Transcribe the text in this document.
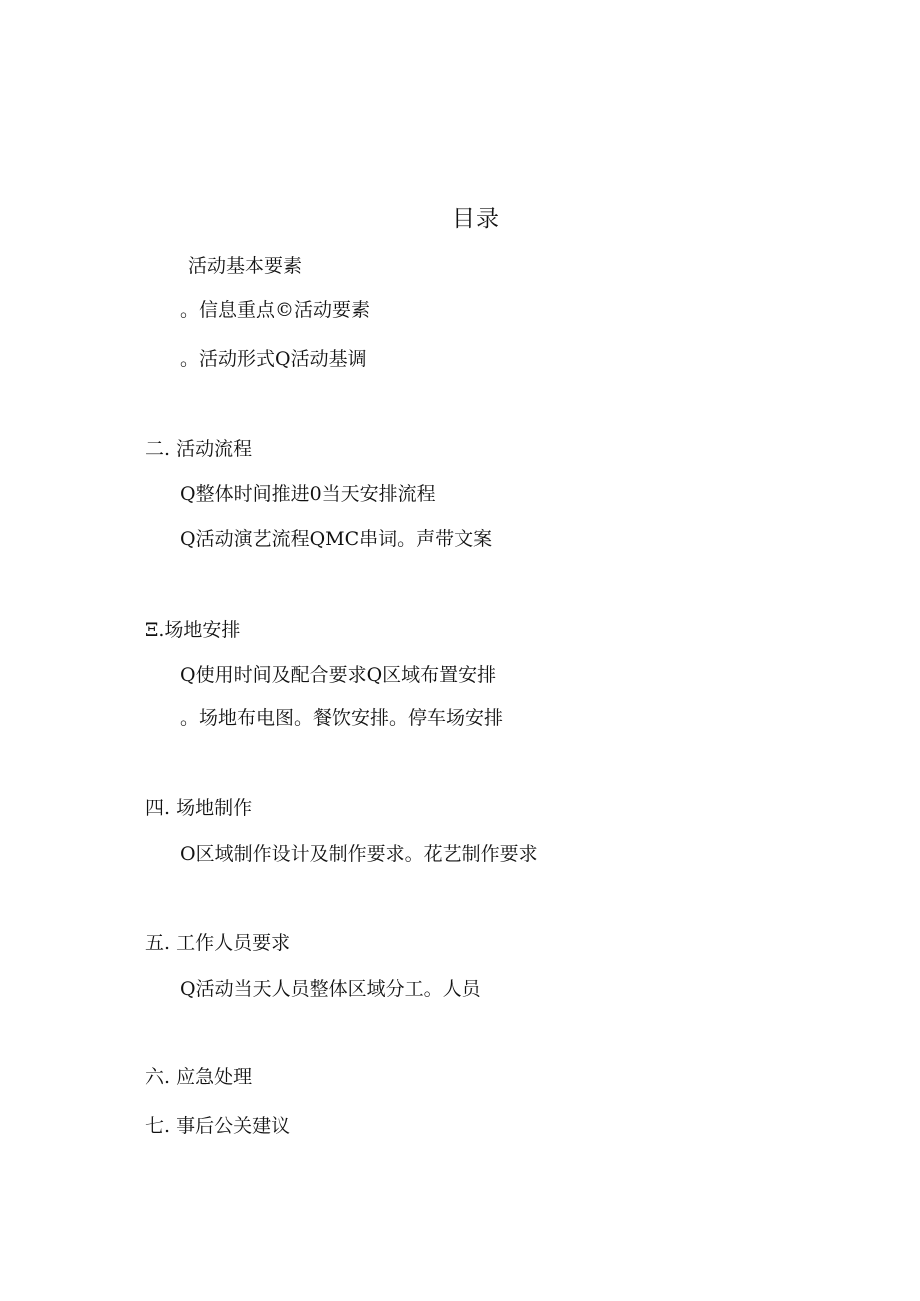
目录
活动基本要素
。信息重点©活动要素
。活动形式Q活动基调
二. 活动流程
Q整体时间推进0当天安排流程
Q活动演艺流程QMC串词。声带文案
Ξ.场地安排
Q使用时间及配合要求Q区域布置安排
。场地布电图。餐饮安排。停车场安排
四. 场地制作
O区域制作设计及制作要求。花艺制作要求
五. 工作人员要求
Q活动当天人员整体区域分工。人员
六. 应急处理
七. 事后公关建议
